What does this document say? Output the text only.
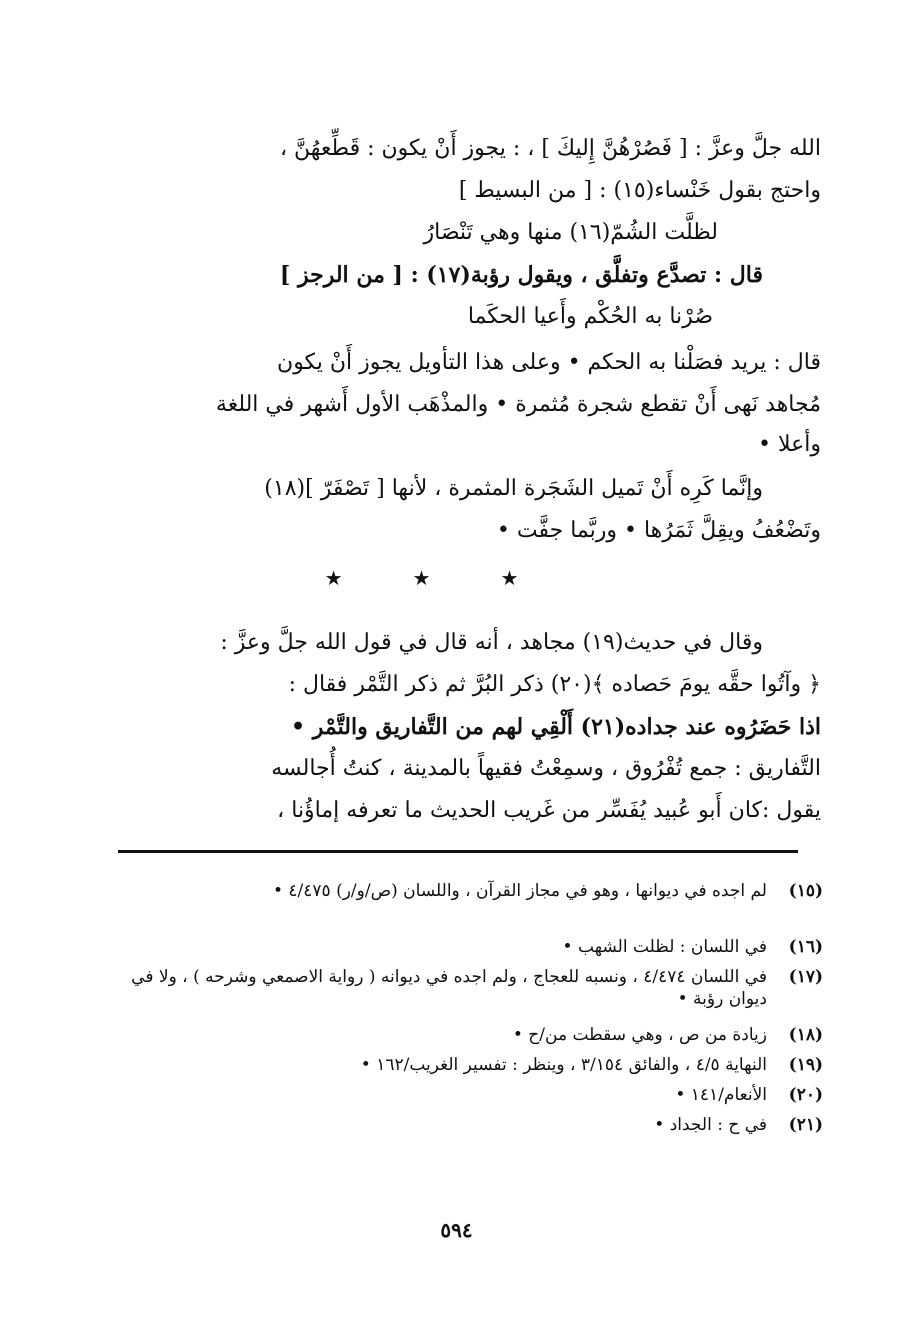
الله جلَّ وعزَّ : [ فَصُرْهُنَّ إِليكَ ] ، : يجوز أَنْ يكون : قَطِّعهُنَّ ،
واحتج بقول خَنْساء(١٥) : [ من البسيط ]
لظلَّت الشُمّ(١٦) منها وهي تَنْصَارُ
قال : تصدَّع وتفلَّق ، ويقول رؤبة(١٧) : [ من الرجز ]
صُرْنا به الحُكْم وأَعيا الحكَما
قال : يريد فصَلْنا به الحكم • وعلى هذا التأويل يجوز أَنْ يكون
مُجاهد نَهى أَنْ تقطع شجرة مُثمرة • والمذْهَب الأول أَشهر في اللغة
وأعلا •
وإنَّما كَرِه أَنْ تَميل الشَجَرة المثمرة ، لأنها [ تَصْفَرّ ](١٨)
وتَضْعُفُ ويقِلَّ ثَمَرُها • وربَّما جفَّت •
★★★
وقال في حديث(١٩) مجاهد ، أنه قال في قول الله جلَّ وعزَّ :
﴿ وآتُوا حقَّه يومَ حَصاده ﴾(٢٠) ذكر البُرَّ ثم ذكر التَّمْر فقال :
اذا حَضَرُوه عند جداده(٢١) أَلْقِي لهم من التَّفاريق والتَّمْر •
التَّفاريق : جمع تُفْرُوق ، وسمِعْتُ فقيهاً بالمدينة ، كنتُ أُجالسه
يقول :كان أَبو عُبيد يُفَسِّر من غَريب الحديث ما تعرفه إماؤُنا ،
(١٥)
لم اجده في ديوانها ، وهو في مجاز القرآن ، واللسان (ص/و/ر) ٤/٤٧٥ •
(١٦)
في اللسان : لظلت الشهب •
(١٧)
في اللسان ٤/٤٧٤ ، ونسبه للعجاج ، ولم اجده في ديوانه ( رواية الاصمعي وشرحه ) ، ولا في ديوان رؤبة •
(١٨)
زيادة من ص ، وهي سقطت من/ح •
(١٩)
النهاية ٤/٥ ، والفائق ٣/١٥٤ ، وينظر : تفسير الغريب/١٦٢ •
(٢٠)
الأنعام/١٤١ •
(٢١)
في ح : الجداد •
٥٩٤
